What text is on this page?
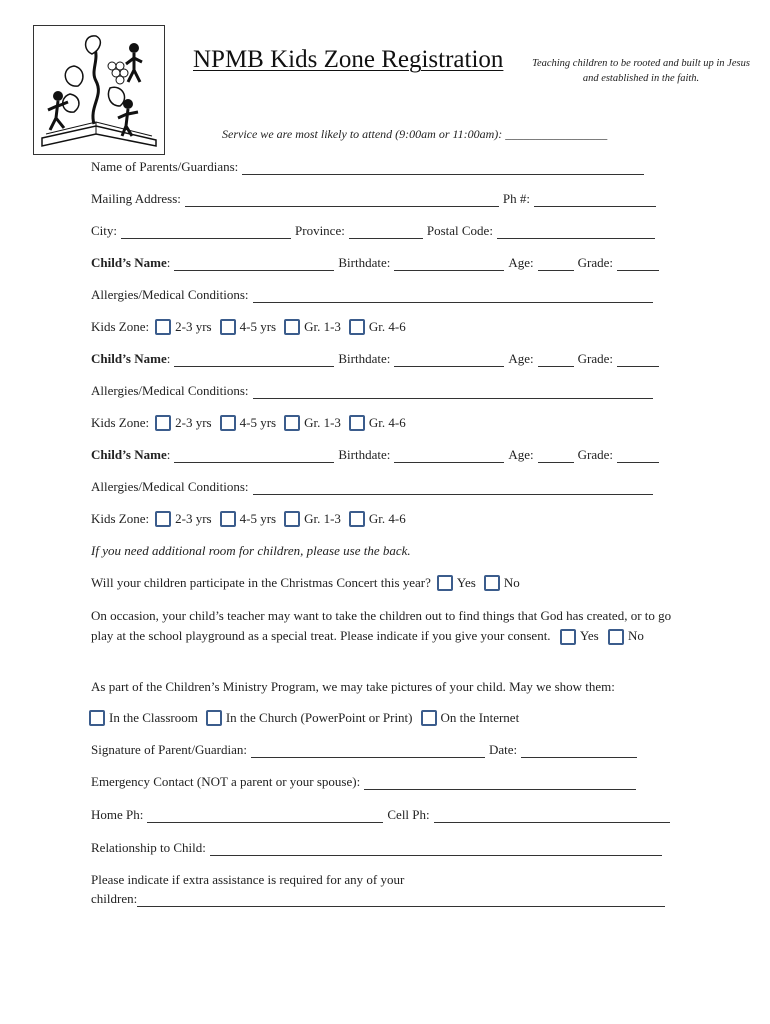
NPMB Kids Zone Registration	Teaching children to be rooted and built up in Jesus and established in the faith.
Service we are most likely to attend (9:00am or 11:00am): _________________
Name of Parents/Guardians:
Mailing Address:	Ph #:
City:	Province:	Postal Code:
Child’s Name :	Birthdate:	Age:	Grade:
Allergies/Medical Conditions:
Kids Zone: 2-3 yrs 4-5 yrs Gr. 1-3 Gr. 4-6
Child’s Name :	Birthdate:	Age:	Grade:
Allergies/Medical Conditions:
Kids Zone: 2-3 yrs 4-5 yrs Gr. 1-3 Gr. 4-6
Child’s Name :	Birthdate:	Age:	Grade:
Allergies/Medical Conditions:
Kids Zone: 2-3 yrs 4-5 yrs Gr. 1-3 Gr. 4-6
If you need additional room for children, please use the back.
Will your children participate in the Christmas Concert this year? Yes No
On occasion, your child’s teacher may want to take the children out to find things that God has created, or to go play at the school playground as a special treat. Please indicate if you give your consent. Yes No
As part of the Children’s Ministry Program, we may take pictures of your child. May we show them:
In the Classroom In the Church (PowerPoint or Print) On the Internet
Signature of Parent/Guardian:	Date:
Emergency Contact (NOT a parent or your spouse):
Home Ph:	Cell Ph:
Relationship to Child:
Please indicate if extra assistance is required for any of your
children:
